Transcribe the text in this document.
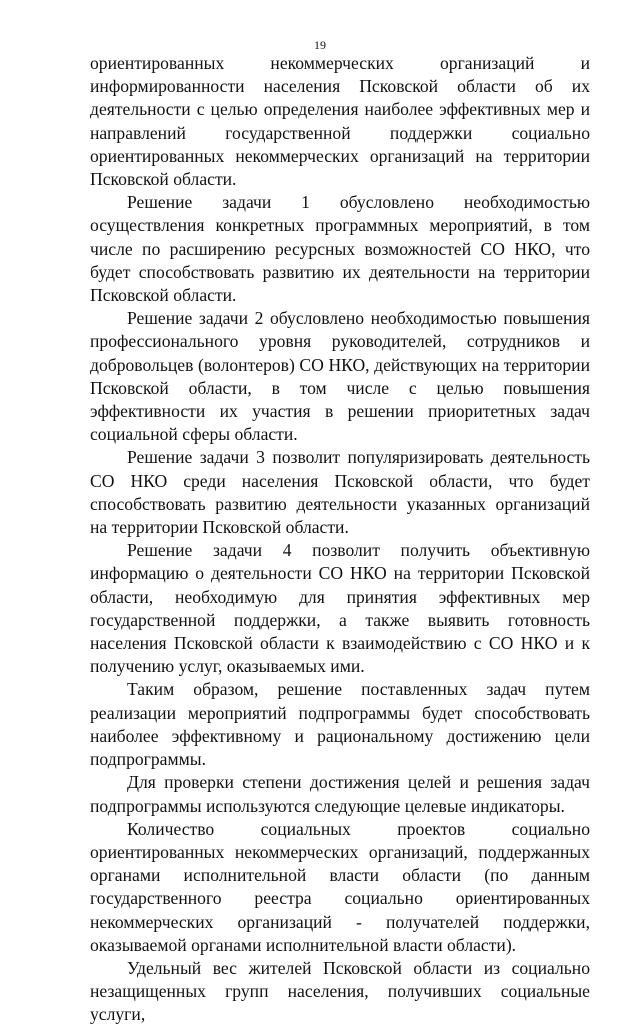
19

ориентированных некоммерческих организаций и информированности населения Псковской области об их деятельности с целью определения наиболее эффективных мер и направлений государственной поддержки социально ориентированных некоммерческих организаций на территории Псковской области.

Решение задачи 1 обусловлено необходимостью осуществления конкретных программных мероприятий, в том числе по расширению ресурсных возможностей СО НКО, что будет способствовать развитию их деятельности на территории Псковской области.

Решение задачи 2 обусловлено необходимостью повышения профессионального уровня руководителей, сотрудников и добровольцев (волонтеров) СО НКО, действующих на территории Псковской области, в том числе с целью повышения эффективности их участия в решении приоритетных задач социальной сферы области.

Решение задачи 3 позволит популяризировать деятельность СО НКО среди населения Псковской области, что будет способствовать развитию деятельности указанных организаций на территории Псковской области.

Решение задачи 4 позволит получить объективную информацию о деятельности СО НКО на территории Псковской области, необходимую для принятия эффективных мер государственной поддержки, а также выявить готовность населения Псковской области к взаимодействию с СО НКО и к получению услуг, оказываемых ими.

Таким образом, решение поставленных задач путем реализации мероприятий подпрограммы будет способствовать наиболее эффективному и рациональному достижению цели подпрограммы.

Для проверки степени достижения целей и решения задач подпрограммы используются следующие целевые индикаторы.

Количество социальных проектов социально ориентированных некоммерческих организаций, поддержанных органами исполнительной власти области (по данным государственного реестра социально ориентированных некоммерческих организаций - получателей поддержки, оказываемой органами исполнительной власти области).

Удельный вес жителей Псковской области из социально незащищенных групп населения, получивших социальные услуги,
